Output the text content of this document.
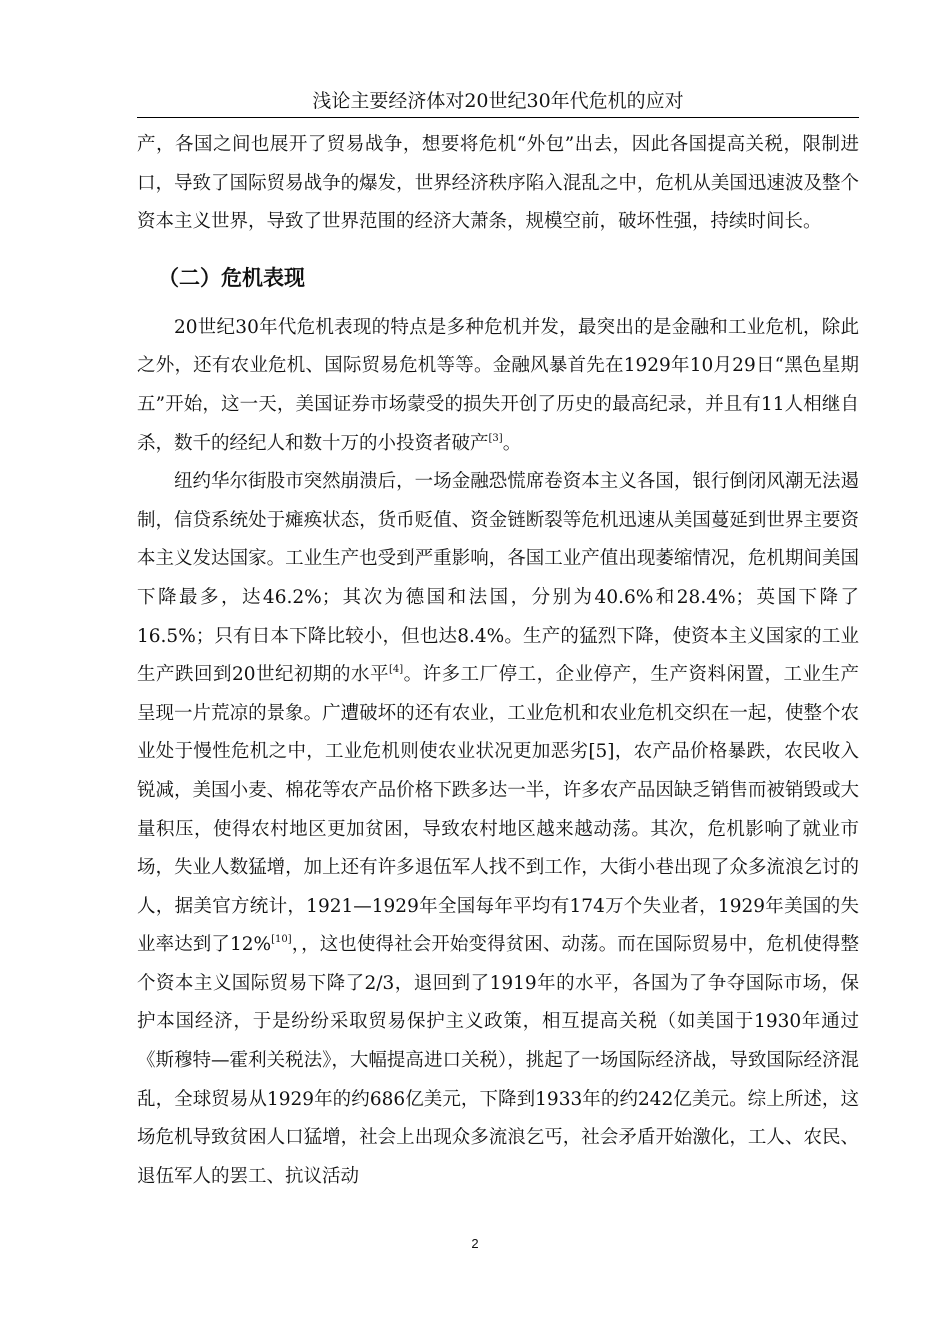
浅论主要经济体对20世纪30年代危机的应对

产，各国之间也展开了贸易战争，想要将危机“外包”出去，因此各国提高关税，限制进口，导致了国际贸易战争的爆发，世界经济秩序陷入混乱之中，危机从美国迅速波及整个资本主义世界，导致了世界范围的经济大萧条，规模空前，破坏性强，持续时间长。

（二）危机表现

20世纪30年代危机表现的特点是多种危机并发，最突出的是金融和工业危机，除此之外，还有农业危机、国际贸易危机等等。金融风暴首先在1929年10月29日“黑色星期五”开始，这一天，美国证券市场蒙受的损失开创了历史的最高纪录，并且有11人相继自杀，数千的经纪人和数十万的小投资者破产[3]。

纽约华尔街股市突然崩溃后，一场金融恐慌席卷资本主义各国，银行倒闭风潮无法遏制，信贷系统处于瘫痪状态，货币贬值、资金链断裂等危机迅速从美国蔓延到世界主要资本主义发达国家。工业生产也受到严重影响，各国工业产值出现萎缩情况，危机期间美国下降最多，达46.2%；其次为德国和法国，分别为40.6%和28.4%；英国下降了16.5%；只有日本下降比较小，但也达8.4%。生产的猛烈下降，使资本主义国家的工业生产跌回到20世纪初期的水平[4]。许多工厂停工，企业停产，生产资料闲置，工业生产呈现一片荒凉的景象。广遭破坏的还有农业，工业危机和农业危机交织在一起，使整个农业处于慢性危机之中，工业危机则使农业状况更加恶劣[5]，农产品价格暴跌，农民收入锐减，美国小麦、棉花等农产品价格下跌多达一半，许多农产品因缺乏销售而被销毁或大量积压，使得农村地区更加贫困，导致农村地区越来越动荡。其次，危机影响了就业市场，失业人数猛增，加上还有许多退伍军人找不到工作，大街小巷出现了众多流浪乞讨的人，据美官方统计，1921—1929年全国每年平均有174万个失业者，1929年美国的失业率达到了12%[10]，，这也使得社会开始变得贫困、动荡。而在国际贸易中，危机使得整个资本主义国际贸易下降了2/3，退回到了1919年的水平，各国为了争夺国际市场，保护本国经济，于是纷纷采取贸易保护主义政策，相互提高关税（如美国于1930年通过《斯穆特—霍利关税法》，大幅提高进口关税），挑起了一场国际经济战，导致国际经济混乱，全球贸易从1929年的约686亿美元，下降到1933年的约242亿美元。综上所述，这场危机导致贫困人口猛增，社会上出现众多流浪乞丐，社会矛盾开始激化，工人、农民、退伍军人的罢工、抗议活动

2
